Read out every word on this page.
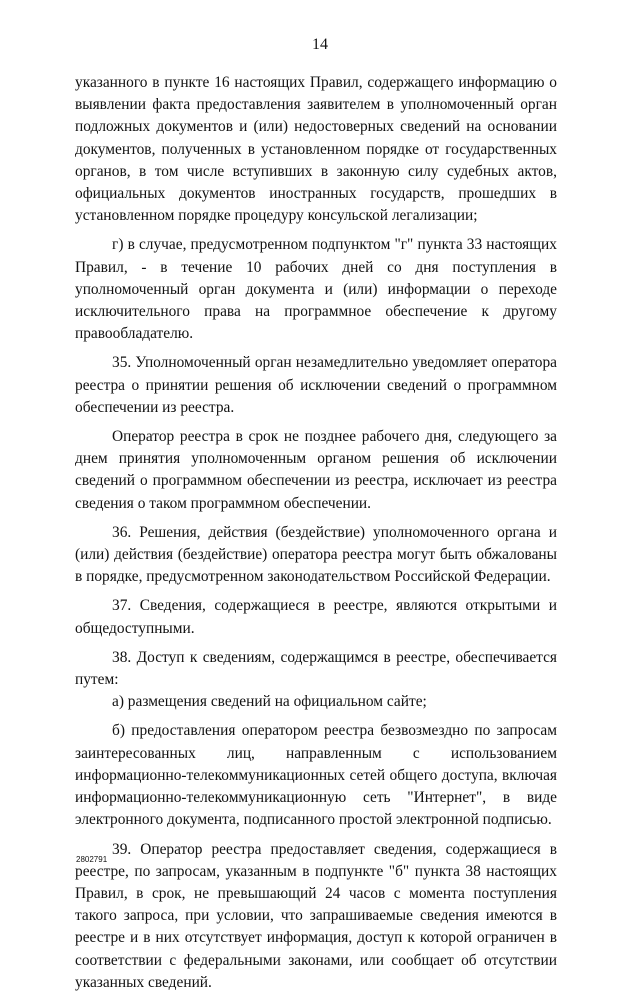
14

указанного в пункте 16 настоящих Правил, содержащего информацию о выявлении факта предоставления заявителем в уполномоченный орган подложных документов и (или) недостоверных сведений на основании документов, полученных в установленном порядке от государственных органов, в том числе вступивших в законную силу судебных актов, официальных документов иностранных государств, прошедших в установленном порядке процедуру консульской легализации;

г) в случае, предусмотренном подпунктом "г" пункта 33 настоящих Правил, - в течение 10 рабочих дней со дня поступления в уполномоченный орган документа и (или) информации о переходе исключительного права на программное обеспечение к другому правообладателю.

35. Уполномоченный орган незамедлительно уведомляет оператора реестра о принятии решения об исключении сведений о программном обеспечении из реестра.

Оператор реестра в срок не позднее рабочего дня, следующего за днем принятия уполномоченным органом решения об исключении сведений о программном обеспечении из реестра, исключает из реестра сведения о таком программном обеспечении.

36. Решения, действия (бездействие) уполномоченного органа и (или) действия (бездействие) оператора реестра могут быть обжалованы в порядке, предусмотренном законодательством Российской Федерации.

37. Сведения, содержащиеся в реестре, являются открытыми и общедоступными.

38. Доступ к сведениям, содержащимся в реестре, обеспечивается путем:

а) размещения сведений на официальном сайте;

б) предоставления оператором реестра безвозмездно по запросам заинтересованных лиц, направленным с использованием информационно-телекоммуникационных сетей общего доступа, включая информационно-телекоммуникационную сеть "Интернет", в виде электронного документа, подписанного простой электронной подписью.

39. Оператор реестра предоставляет сведения, содержащиеся в реестре, по запросам, указанным в подпункте "б" пункта 38 настоящих Правил, в срок, не превышающий 24 часов с момента поступления такого запроса, при условии, что запрашиваемые сведения имеются в реестре и в них отсутствует информация, доступ к которой ограничен в соответствии с федеральными законами, или сообщает об отсутствии указанных сведений.

2802791
